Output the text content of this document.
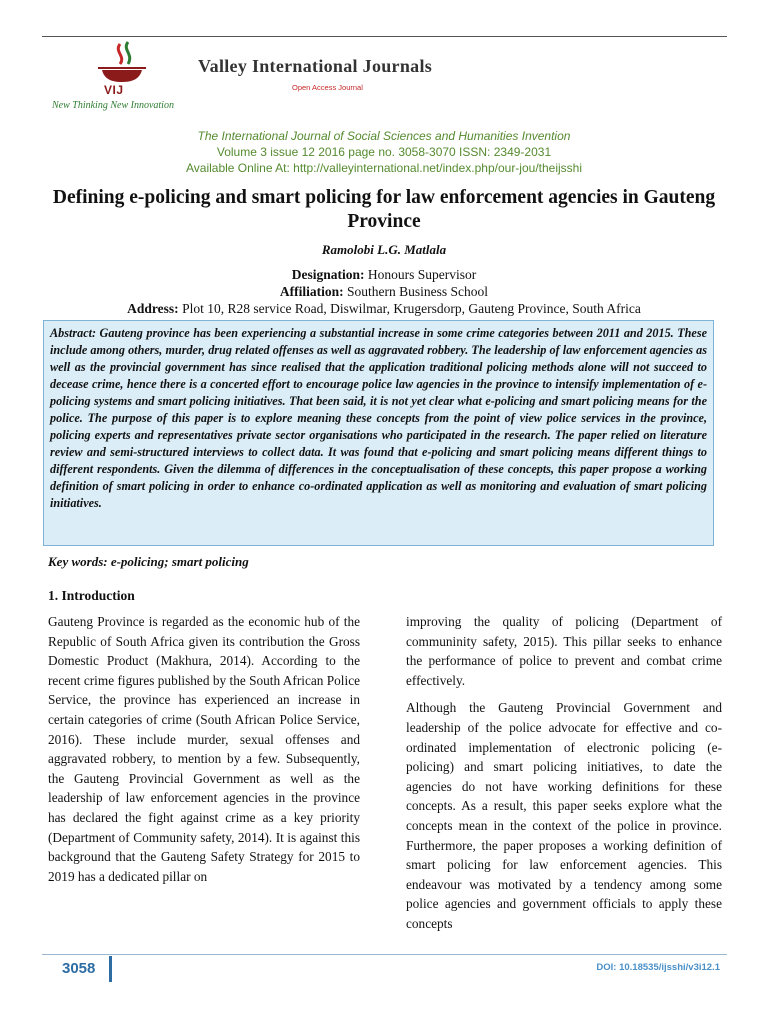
VIJ
New Thinking New Innovation
Valley International Journals
Open Access Journal
The International Journal of Social Sciences and Humanities Invention
Volume 3 issue 12 2016 page no. 3058-3070 ISSN: 2349-2031
Available Online At: http://valleyinternational.net/index.php/our-jou/theijsshi
Defining e-policing and smart policing for law enforcement agencies in Gauteng Province
Ramolobi L.G. Matlala
Designation: Honours Supervisor
Affiliation: Southern Business School
Address: Plot 10, R28 service Road, Diswilmar, Krugersdorp, Gauteng Province, South Africa
Abstract: Gauteng province has been experiencing a substantial increase in some crime categories between 2011 and 2015. These include among others, murder, drug related offenses as well as aggravated robbery. The leadership of law enforcement agencies as well as the provincial government has since realised that the application traditional policing methods alone will not succeed to decease crime, hence there is a concerted effort to encourage police law agencies in the province to intensify implementation of e-policing systems and smart policing initiatives. That been said, it is not yet clear what e-policing and smart policing means for the police. The purpose of this paper is to explore meaning these concepts from the point of view police services in the province, policing experts and representatives private sector organisations who participated in the research. The paper relied on literature review and semi-structured interviews to collect data. It was found that e-policing and smart policing means different things to different respondents. Given the dilemma of differences in the conceptualisation of these concepts, this paper propose a working definition of smart policing in order to enhance co-ordinated application as well as monitoring and evaluation of smart policing initiatives.
Key words: e-policing; smart policing
1. Introduction

Gauteng Province is regarded as the economic hub of the Republic of South Africa given its contribution the Gross Domestic Product (Makhura, 2014). According to the recent crime figures published by the South African Police Service, the province has experienced an increase in certain categories of crime (South African Police Service, 2016). These include murder, sexual offenses and aggravated robbery, to mention by a few. Subsequently, the Gauteng Provincial Government as well as the leadership of law enforcement agencies in the province has declared the fight against crime as a key priority (Department of Community safety, 2014). It is against this background that the Gauteng Safety Strategy for 2015 to 2019 has a dedicated pillar on

improving the quality of policing (Department of communinity safety, 2015). This pillar seeks to enhance the performance of police to prevent and combat crime effectively.

Although the Gauteng Provincial Government and leadership of the police advocate for effective and co-ordinated implementation of electronic policing (e-policing) and smart policing initiatives, to date the agencies do not have working definitions for these concepts. As a result, this paper seeks explore what the concepts mean in the context of the police in province. Furthermore, the paper proposes a working definition of smart policing for law enforcement agencies. This endeavour was motivated by a tendency among some police agencies and government officials to apply these concepts

3058	DOI: 10.18535/ijsshi/v3i12.1
